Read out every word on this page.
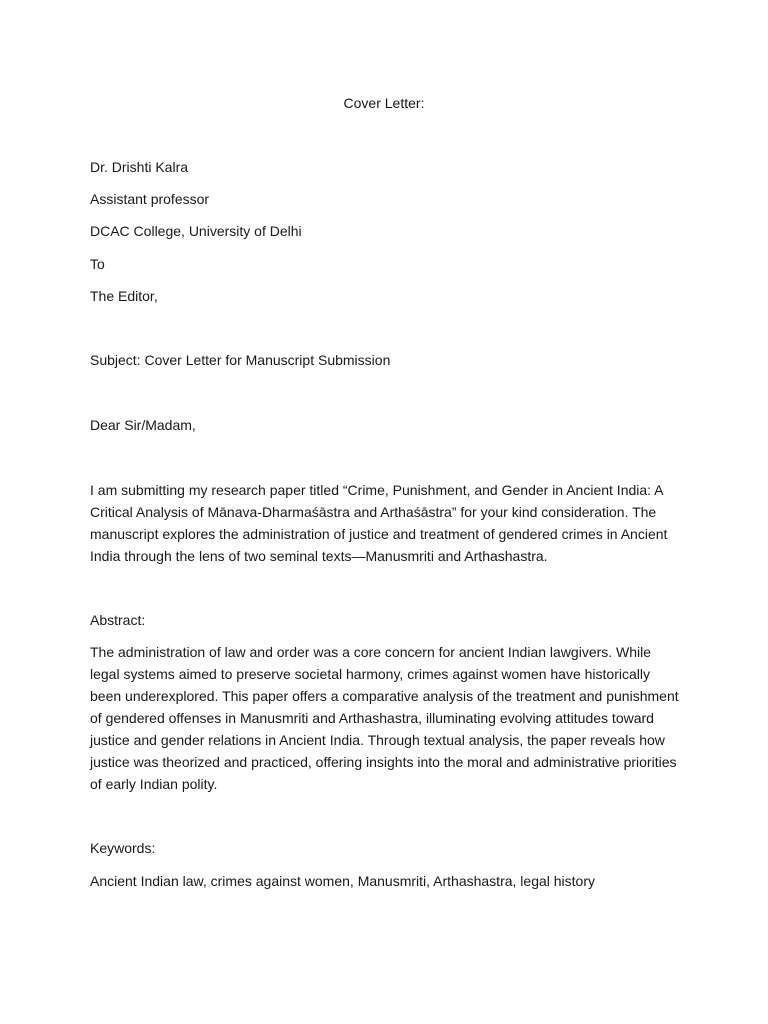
Cover Letter:

Dr. Drishti Kalra

Assistant professor

DCAC College, University of Delhi

To

The Editor,

Subject: Cover Letter for Manuscript Submission

Dear Sir/Madam,

I am submitting my research paper titled “Crime, Punishment, and Gender in Ancient India: A Critical Analysis of Mānava-Dharmaśāstra and Arthaśāstra” for your kind consideration. The manuscript explores the administration of justice and treatment of gendered crimes in Ancient India through the lens of two seminal texts—Manusmriti and Arthashastra.

Abstract:

The administration of law and order was a core concern for ancient Indian lawgivers. While legal systems aimed to preserve societal harmony, crimes against women have historically been underexplored. This paper offers a comparative analysis of the treatment and punishment of gendered offenses in Manusmriti and Arthashastra, illuminating evolving attitudes toward justice and gender relations in Ancient India. Through textual analysis, the paper reveals how justice was theorized and practiced, offering insights into the moral and administrative priorities of early Indian polity.

Keywords:

Ancient Indian law, crimes against women, Manusmriti, Arthashastra, legal history
